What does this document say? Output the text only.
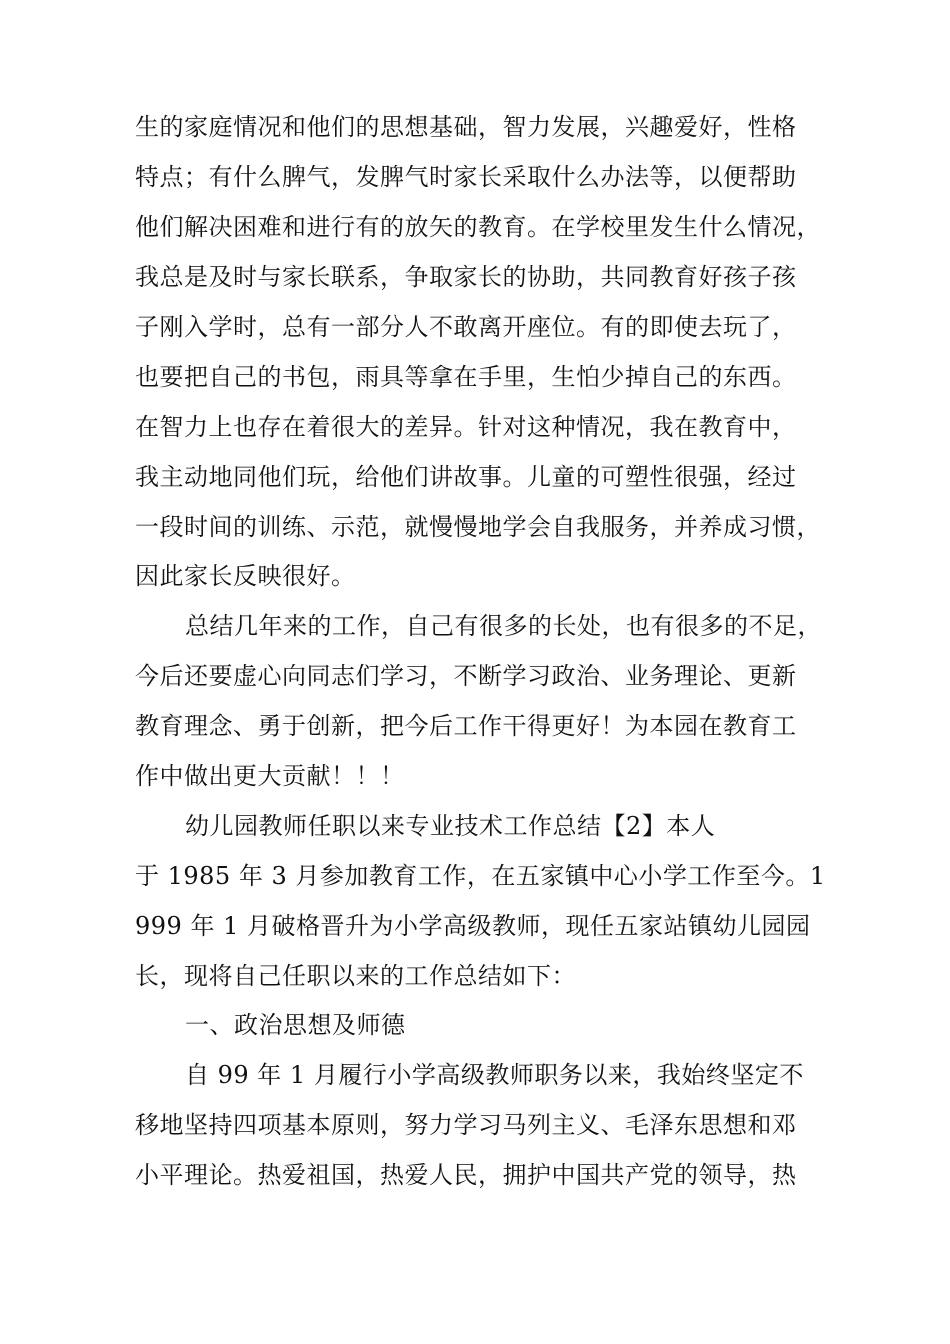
生的家庭情况和他们的思想基础，智力发展，兴趣爱好，性格
特点；有什么脾气，发脾气时家长采取什么办法等，以便帮助
他们解决困难和进行有的放矢的教育。在学校里发生什么情况，
我总是及时与家长联系，争取家长的协助，共同教育好孩子孩
子刚入学时，总有一部分人不敢离开座位。有的即使去玩了，
也要把自己的书包，雨具等拿在手里，生怕少掉自己的东西。
在智力上也存在着很大的差异。针对这种情况，我在教育中，
我主动地同他们玩，给他们讲故事。儿童的可塑性很强，经过
一段时间的训练、示范，就慢慢地学会自我服务，并养成习惯，
因此家长反映很好。
总结几年来的工作，自己有很多的长处，也有很多的不足，
今后还要虚心向同志们学习，不断学习政治、业务理论、更新
教育理念、勇于创新，把今后工作干得更好！为本园在教育工
作中做出更大贡献！！！
幼儿园教师任职以来专业技术工作总结【2】本人
于 1985 年 3 月参加教育工作，在五家镇中心小学工作至今。1
999 年 1 月破格晋升为小学高级教师，现任五家站镇幼儿园园
长，现将自己任职以来的工作总结如下：
一、政治思想及师德
自 99 年 1 月履行小学高级教师职务以来，我始终坚定不
移地坚持四项基本原则，努力学习马列主义、毛泽东思想和邓
小平理论。热爱祖国，热爱人民，拥护中国共产党的领导，热
